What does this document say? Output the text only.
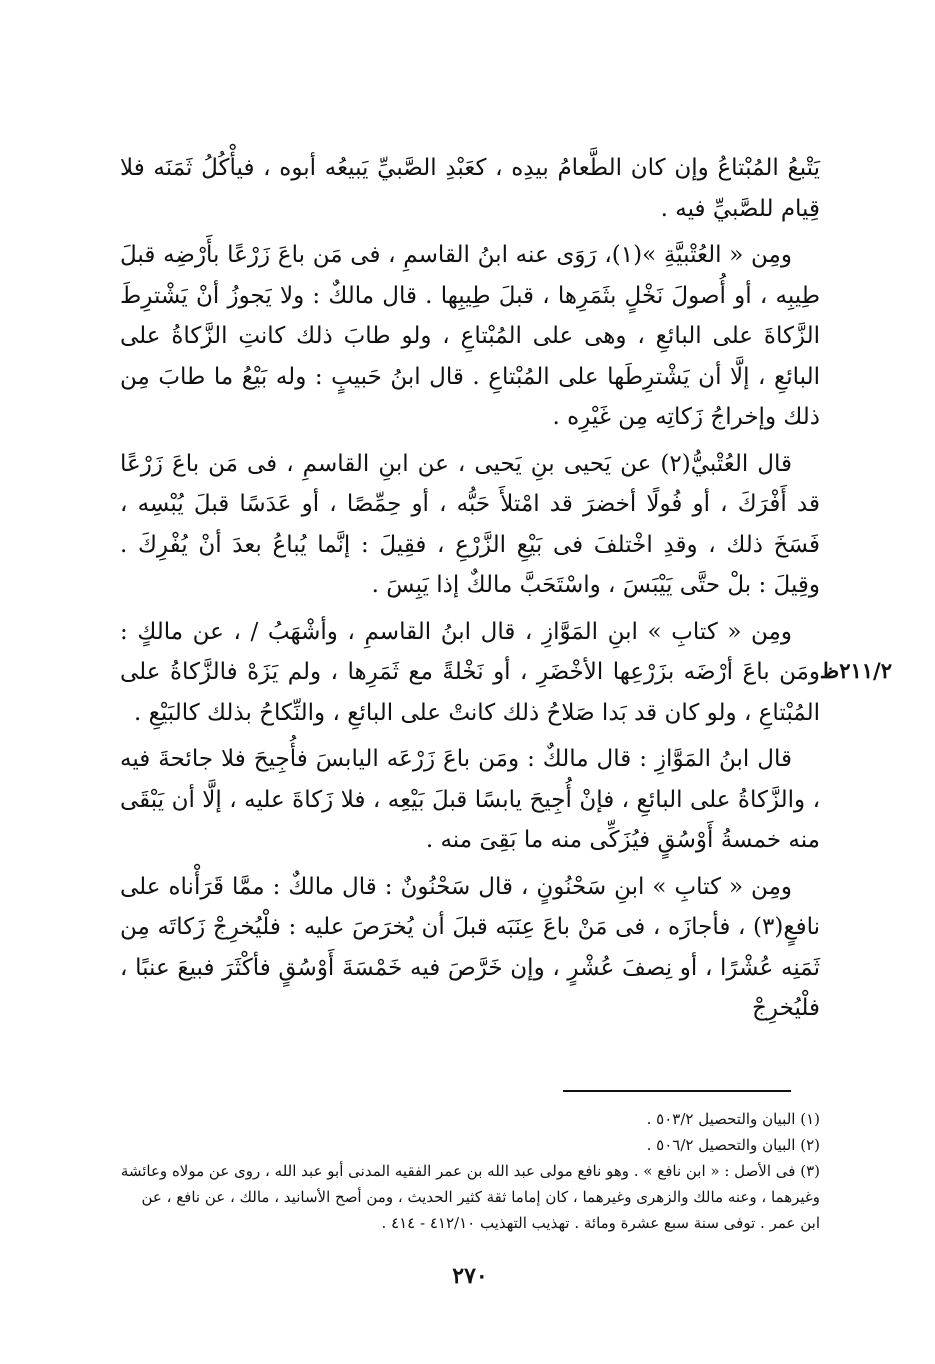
٢١١/٢ظ

يَتْبعُ المُبْتاعُ وإن كان الطَّعامُ بيدِه ، كعَبْدِ الصَّبيِّ يَبيعُه أبوه ، فيأْكُلُ ثَمَنَه فلا قِيام للصَّبيِّ فيه .

ومِن « العُتْبيَّةِ »(١)، رَوَى عنه ابنُ القاسمِ ، فى مَن باعَ زَرْعًا بأَرْضِه قبلَ طِيبِه ، أو أُصولَ نَخْلٍ بثَمَرِها ، قبلَ طِيبِها . قال مالكٌ : ولا يَجوزُ أنْ يَشْترِطَ الزَّكاةَ على البائعِ ، وهى على المُبْتاعِ ، ولو طابَ ذلك كانتِ الزَّكاةُ على البائعِ ، إلَّا أن يَشْترِطَها على المُبْتاعِ . قال ابنُ حَبيبٍ : وله بَيْعُ ما طابَ مِن ذلك وإخراجُ زَكاتِه مِن غَيْرِه .

قال العُتْبيُّ(٢) عن يَحيى بنِ يَحيى ، عن ابنِ القاسمِ ، فى مَن باعَ زَرْعًا قد أَفْرَكَ ، أو فُولًا أخضرَ قد امْتلأَ حَبُّه ، أو حِمِّصًا ، أو عَدَسًا قبلَ يُبْسِه ، فَسَخَ ذلك ، وقدِ اخْتلفَ فى بَيْعِ الزَّرْعِ ، فقِيلَ : إنَّما يُباعُ بعدَ أنْ يُفْرِكَ . وقِيلَ : بلْ حتَّى يَيْبَسَ ، واسْتَحَبَّ مالكٌ إذا يَبِسَ .

ومِن « كتابِ » ابنِ المَوَّازِ ، قال ابنُ القاسمِ ، وأشْهَبُ / ، عن مالكٍ : ومَن باعَ أرْضَه بزَرْعِها الأخْضَرِ ، أو نَخْلةً مع ثَمَرِها ، ولم يَزَهْ فالزَّكاةُ على المُبْتاعِ ، ولو كان قد بَدا صَلاحُ ذلك كانتْ على البائعِ ، والنِّكاحُ بذلك كالبَيْعِ .

قال ابنُ المَوَّازِ : قال مالكٌ : ومَن باعَ زَرْعَه اليابسَ فأُجِيحَ فلا جائحةَ فيه ، والزَّكاةُ على البائعِ ، فإنْ أُجِيحَ يابسًا قبلَ بَيْعِه ، فلا زَكاةَ عليه ، إلَّا أن يَبْقَى منه خمسةُ أَوْسُقٍ فيُزَكِّى منه ما بَقِىَ منه .

ومِن « كتابِ » ابنِ سَحْنُونٍ ، قال سَحْنُونٌ : قال مالكٌ : ممَّا قَرَأْناه على نافعٍ(٣) ، فأجازَه ، فى مَنْ باعَ عِنَبَه قبلَ أن يُخرَصَ عليه : فلْيُخرِجْ زَكاتَه مِن ثَمَنِه عُشْرًا ، أو نِصفَ عُشْرٍ ، وإن خَرَّصَ فيه خَمْسَةَ أَوْسُقٍ فأكْثَرَ فبيعَ عنبًا ، فلْيُخرِجْ

(١) البيان والتحصيل ٥٠٣/٢ .

(٢) البيان والتحصيل ٥٠٦/٢ .

(٣) فى الأصل : « ابن نافع » . وهو نافع مولى عبد الله بن عمر الفقيه المدنى أبو عبد الله ، روى عن مولاه وعائشة وغيرهما ، وعنه مالك والزهرى وغيرهما ، كان إماما ثقة كثير الحديث ، ومن أصح الأسانيد ، مالك ، عن نافع ، عن ابن عمر . توفى سنة سبع عشرة ومائة . تهذيب التهذيب ٤١٢/١٠ - ٤١٤ .

٢٧٠
